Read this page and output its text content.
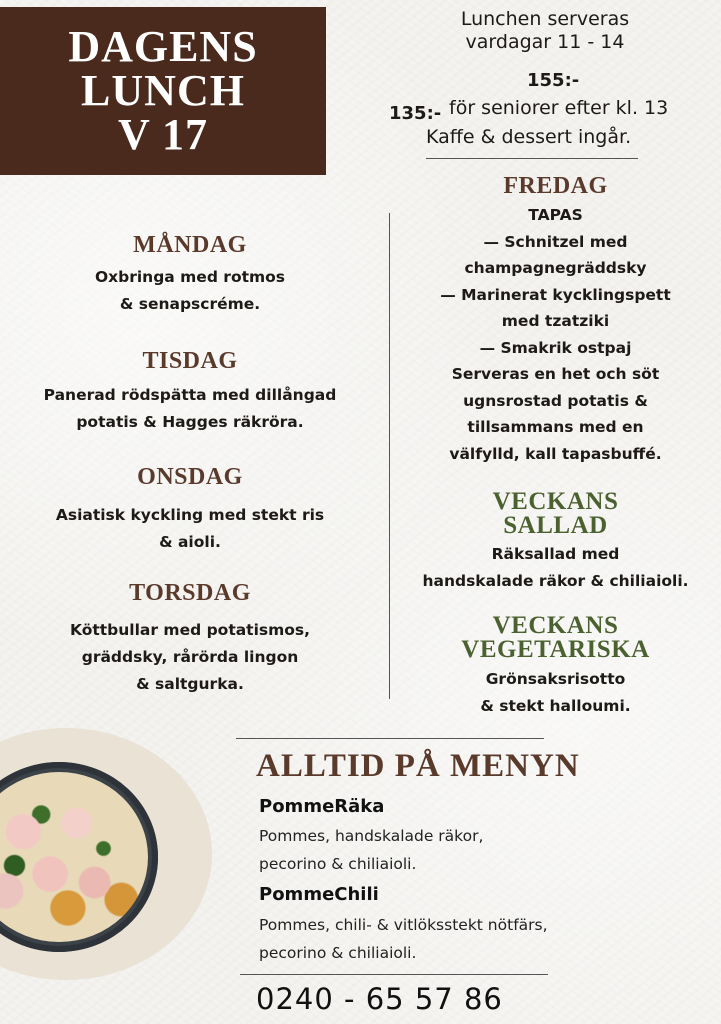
DAGENS
LUNCH
V 17
Lunchen serveras
vardagar 11 - 14
155:-
135:- för seniorer efter kl. 13
Kaffe & dessert ingår.
MÅNDAG
Oxbringa med rotmos
& senapscréme.
TISDAG
Panerad rödspätta med dillångad
potatis & Hagges räkröra.
ONSDAG
Asiatisk kyckling med stekt ris
& aioli.
TORSDAG
Köttbullar med potatismos,
gräddsky, rårörda lingon
& saltgurka.
FREDAG
TAPAS
— Schnitzel med
champagnegräddsky
— Marinerat kycklingspett
med tzatziki
— Smakrik ostpaj
Serveras en het och söt
ugnsrostad potatis &
tillsammans med en
välfylld, kall tapasbuffé.
VECKANS
SALLAD
Räksallad med
handskalade räkor & chiliaioli.
VECKANS
VEGETARISKA
Grönsaksrisotto
& stekt halloumi.
ALLTID PÅ MENYN
PommeRäka
Pommes, handskalade räkor,
pecorino & chiliaioli.
PommeChili
Pommes, chili- & vitlöksstekt nötfärs,
pecorino & chiliaioli.
0240 - 65 57 86
